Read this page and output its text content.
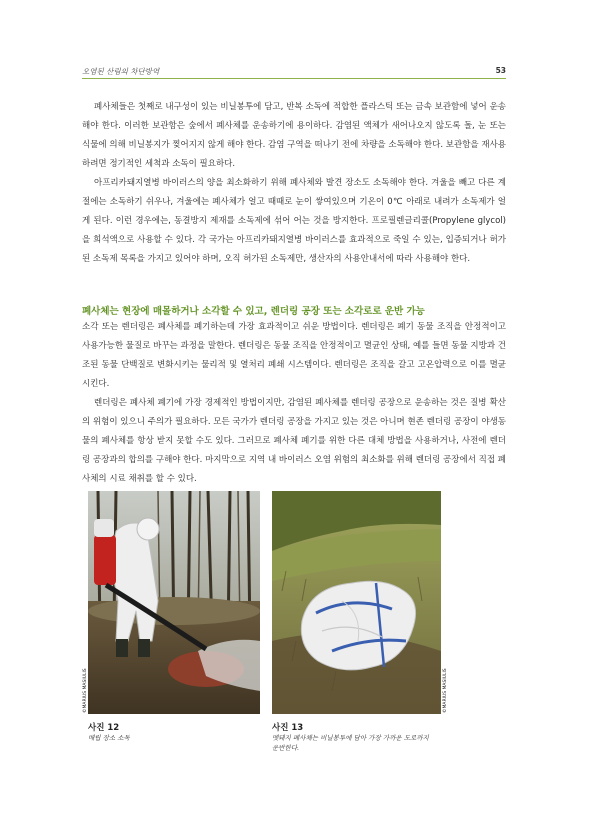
오염된 산림의 차단방역	53

폐사체들은 첫째로 내구성이 있는 비닐봉투에 담고, 반복 소독에 적합한 플라스틱 또는 금속 보관함에 넣어 운송해야 한다. 이러한 보관함은 숲에서 폐사체를 운송하기에 용이하다. 감염된 액체가 새어나오지 않도록 돌, 눈 또는 식물에 의해 비닐봉지가 찢어지지 않게 해야 한다. 감염 구역을 떠나기 전에 차량을 소독해야 한다. 보관함을 재사용하려면 정기적인 세척과 소독이 필요하다.

아프리카돼지열병 바이러스의 양을 최소화하기 위해 폐사체와 발견 장소도 소독해야 한다. 겨울을 빼고 다른 계절에는 소독하기 쉬우나, 겨울에는 폐사체가 얼고 때때로 눈이 쌓여있으며 기온이 0℃ 아래로 내려가 소독제가 얼게 된다. 이런 경우에는, 동결방지 제재를 소독제에 섞어 어는 것을 방지한다. 프로필렌글리콜(Propylene glycol)을 희석액으로 사용할 수 있다. 각 국가는 아프리카돼지열병 바이러스를 효과적으로 죽일 수 있는, 입증되거나 허가된 소독제 목록을 가지고 있어야 하며, 오직 허가된 소독제만, 생산자의 사용안내서에 따라 사용해야 한다.

폐사체는 현장에 매몰하거나 소각할 수 있고, 렌더링 공장 또는 소각로로 운반 가능

소각 또는 렌더링은 폐사체를 폐기하는데 가장 효과적이고 쉬운 방법이다. 렌더링은 폐기 동물 조직을 안정적이고 사용가능한 물질로 바꾸는 과정을 말한다. 렌더링은 동물 조직을 안정적이고 멸균인 상태, 예를 들면 동물 지방과 건조된 동물 단백질로 변화시키는 물리적 및 열처리 폐쇄 시스템이다. 렌더링은 조직을 갈고 고온압력으로 이를 멸균시킨다.

렌더링은 폐사체 폐기에 가장 경제적인 방법이지만, 감염된 폐사체를 렌더링 공장으로 운송하는 것은 질병 확산의 위험이 있으니 주의가 필요하다. 모든 국가가 렌더링 공장을 가지고 있는 것은 아니며 현존 렌더링 공장이 야생동물의 폐사체를 항상 받지 못할 수도 있다. 그러므로 폐사체 폐기를 위한 다른 대체 방법을 사용하거나, 사전에 렌더링 공장과의 합의를 구해야 한다. 마지막으로 지역 내 바이러스 오염 위험의 최소화를 위해 렌더링 공장에서 직접 폐사체의 시료 채취를 할 수 있다.

©MARIUS MASIULIS	©MARIUS MASIULIS
사진 12
매립 장소 소독
사진 13
멧돼지 폐사체는 비닐봉투에 담아 가장 가까운 도로까지 운반한다.
